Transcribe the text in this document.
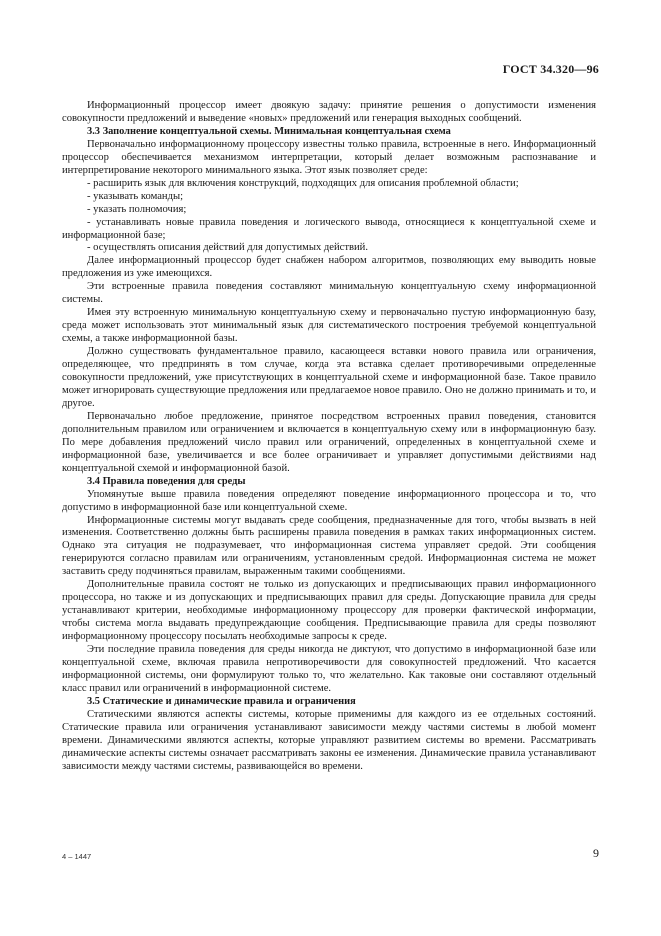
ГОСТ 34.320—96

Информационный процессор имеет двоякую задачу: принятие решения о допустимости изменения совокупности предложений и выведение «новых» предложений или генерация выходных сообщений.

3.3 Заполнение концептуальной схемы. Минимальная концептуальная схема

Первоначально информационному процессору известны только правила, встроенные в него. Информационный процессор обеспечивается механизмом интерпретации, который делает возможным распознавание и интерпретирование некоторого минимального языка. Этот язык позволяет среде:

- расширить язык для включения конструкций, подходящих для описания проблемной области;

- указывать команды;

- указать полномочия;

- устанавливать новые правила поведения и логического вывода, относящиеся к концептуальной схеме и информационной базе;

- осуществлять описания действий для допустимых действий.

Далее информационный процессор будет снабжен набором алгоритмов, позволяющих ему выводить новые предложения из уже имеющихся.

Эти встроенные правила поведения составляют минимальную концептуальную схему информационной системы.

Имея эту встроенную минимальную концептуальную схему и первоначально пустую информационную базу, среда может использовать этот минимальный язык для систематического построения требуемой концептуальной схемы, а также информационной базы.

Должно существовать фундаментальное правило, касающееся вставки нового правила или ограничения, определяющее, что предпринять в том случае, когда эта вставка сделает противоречивыми определенные совокупности предложений, уже присутствующих в концептуальной схеме и информационной базе. Такое правило может игнорировать существующие предложения или предлагаемое новое правило. Оно не должно принимать и то, и другое.

Первоначально любое предложение, принятое посредством встроенных правил поведения, становится дополнительным правилом или ограничением и включается в концептуальную схему или в информационную базу. По мере добавления предложений число правил или ограничений, определенных в концептуальной схеме и информационной базе, увеличивается и все более ограничивает и управляет допустимыми действиями над концептуальной схемой и информационной базой.

3.4 Правила поведения для среды

Упомянутые выше правила поведения определяют поведение информационного процессора и то, что допустимо в информационной базе или концептуальной схеме.

Информационные системы могут выдавать среде сообщения, предназначенные для того, чтобы вызвать в ней изменения. Соответственно должны быть расширены правила поведения в рамках таких информационных систем. Однако эта ситуация не подразумевает, что информационная система управляет средой. Эти сообщения генерируются согласно правилам или ограничениям, установленным средой. Информационная система не может заставить среду подчиняться правилам, выраженным такими сообщениями.

Дополнительные правила состоят не только из допускающих и предписывающих правил информационного процессора, но также и из допускающих и предписывающих правил для среды. Допускающие правила для среды устанавливают критерии, необходимые информационному процессору для проверки фактической информации, чтобы система могла выдавать предупреждающие сообщения. Предписывающие правила для среды позволяют информационному процессору посылать необходимые запросы к среде.

Эти последние правила поведения для среды никогда не диктуют, что допустимо в информационной базе или концептуальной схеме, включая правила непротиворечивости для совокупностей предложений. Что касается информационной системы, они формулируют только то, что желательно. Как таковые они составляют отдельный класс правил или ограничений в информационной системе.

3.5 Статические и динамические правила и ограничения

Статическими являются аспекты системы, которые применимы для каждого из ее отдельных состояний. Статические правила или ограничения устанавливают зависимости между частями системы в любой момент времени. Динамическими являются аспекты, которые управляют развитием системы во времени. Рассматривать динамические аспекты системы означает рассматривать законы ее изменения. Динамические правила устанавливают зависимости между частями системы, развивающейся во времени.

4 – 1447	9
